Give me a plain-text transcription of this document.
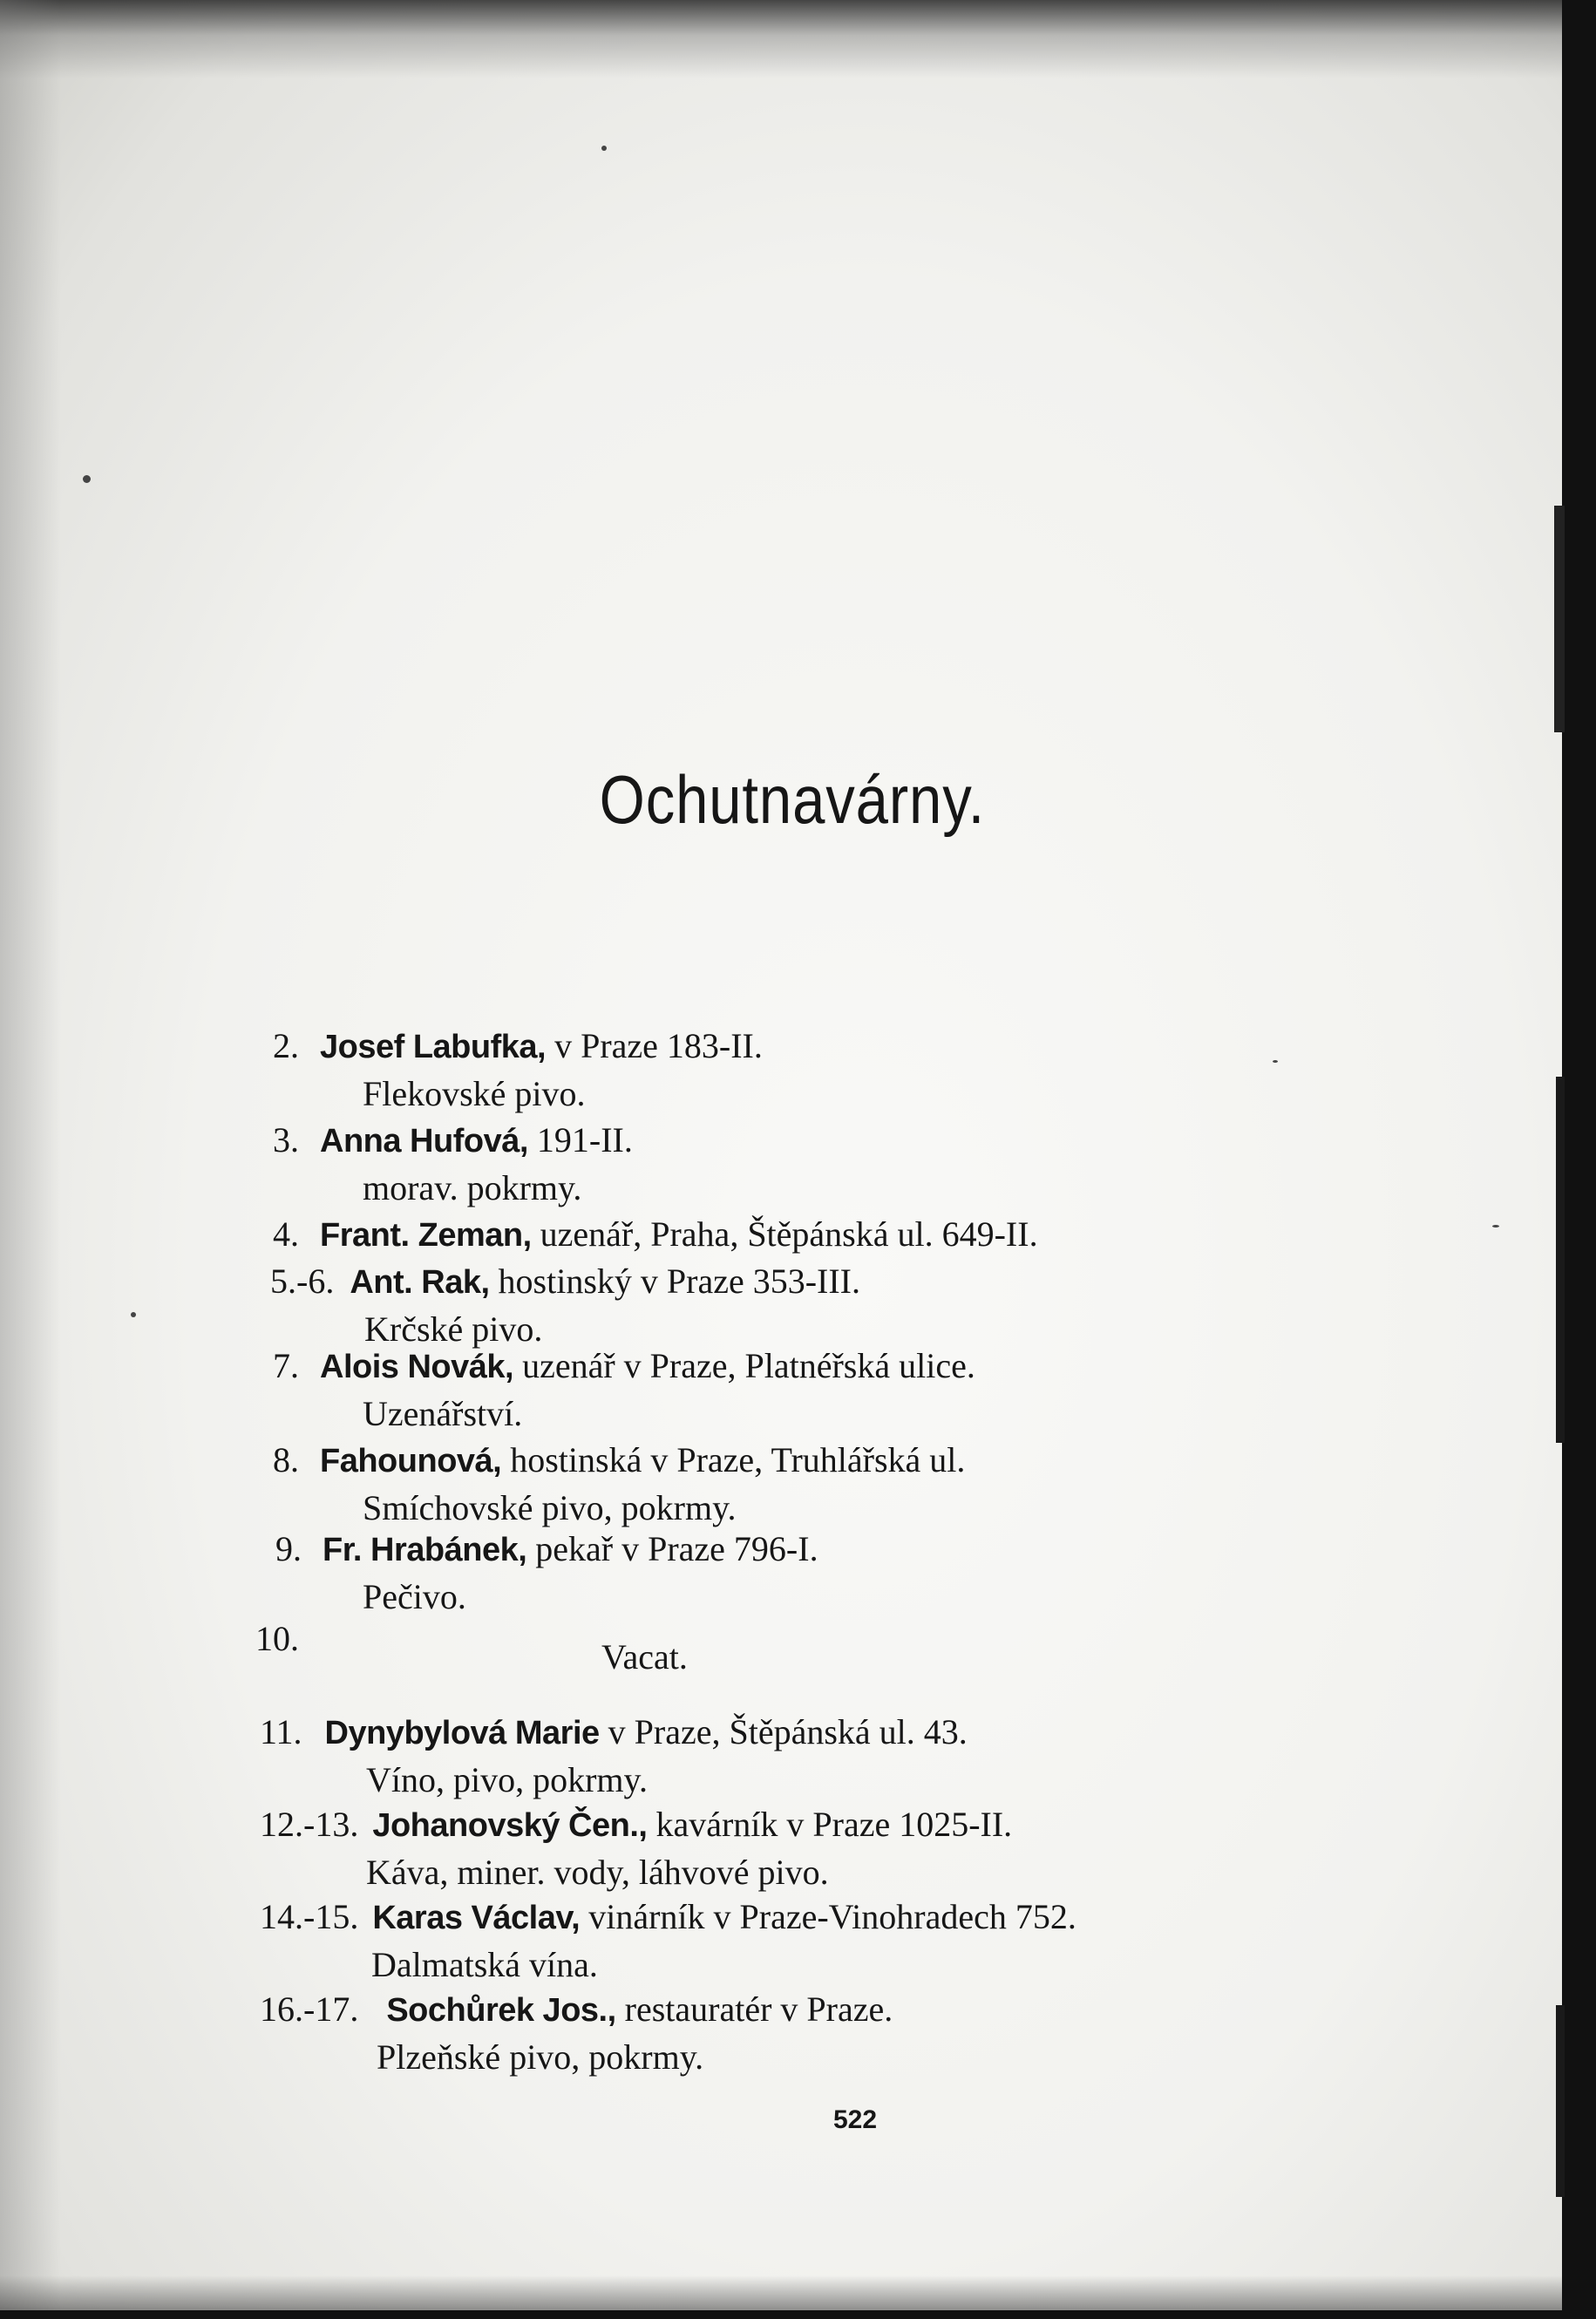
Ochutnavárny.
2. Josef Labufka, v Praze 183-II.
Flekovské pivo.
3. Anna Hufová, 191-II.
morav. pokrmy.
4. Frant. Zeman, uzenář, Praha, Štěpánská ul. 649-II.
5.-6. Ant. Rak, hostinský v Praze 353-III.
Krčské pivo.
7. Alois Novák, uzenář v Praze, Platnéřská ulice.
Uzenářství.
8. Fahounová, hostinská v Praze, Truhlářská ul.
Smíchovské pivo, pokrmy.
9. Fr. Hrabánek, pekař v Praze 796-I.
Pečivo.
10.	Vacat.
11. Dynybylová Marie v Praze, Štěpánská ul. 43.
Víno, pivo, pokrmy.
12.-13. Johanovský Čen., kavárník v Praze 1025-II.
Káva, miner. vody, láhvové pivo.
14.-15. Karas Václav, vinárník v Praze-Vinohradech 752.
Dalmatská vína.
16.-17. Sochůrek Jos., restauratér v Praze.
Plzeňské pivo, pokrmy.
522
